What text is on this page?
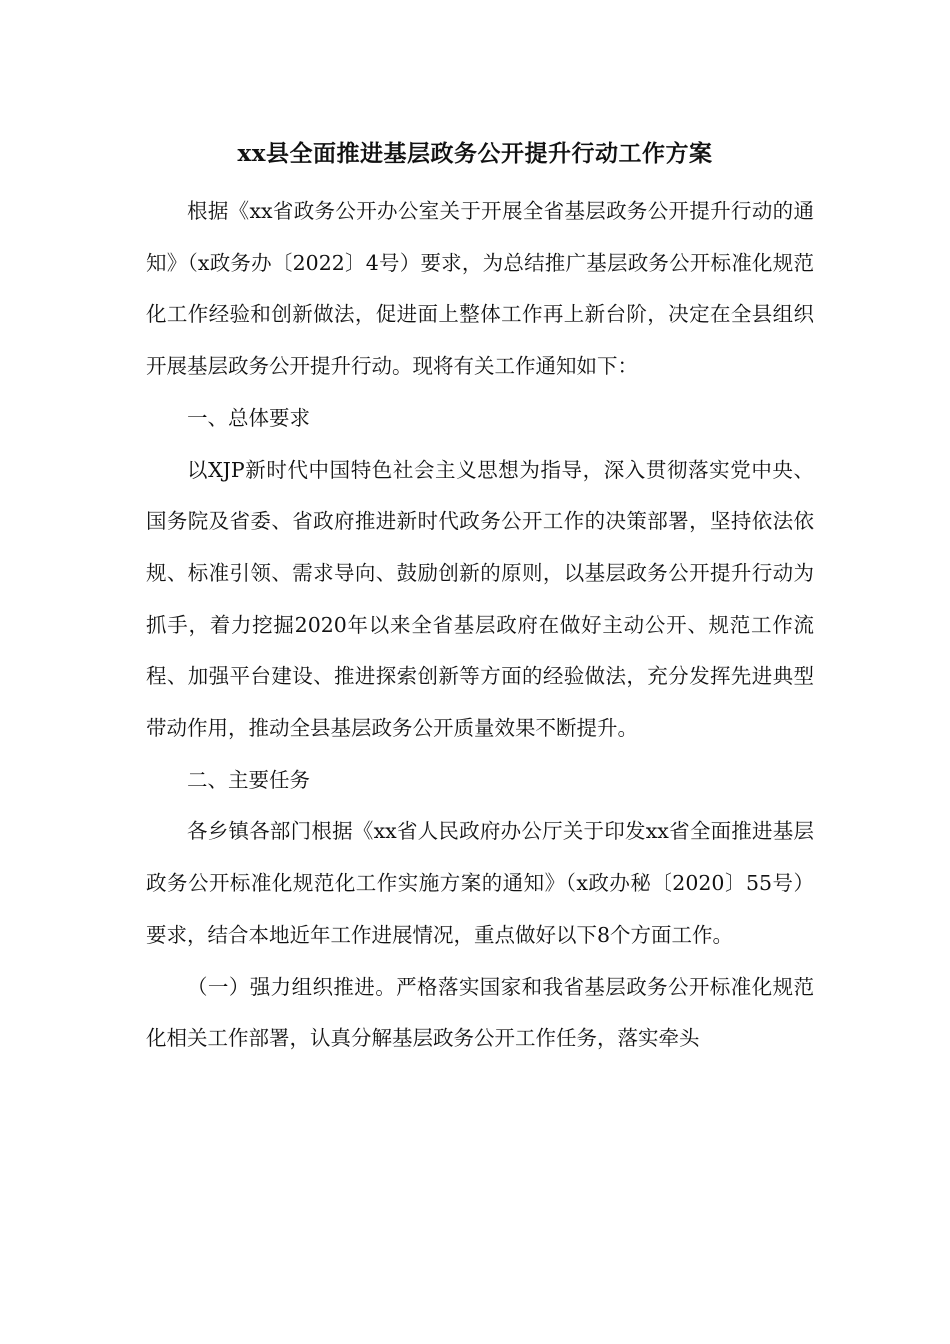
xx县全面推进基层政务公开提升行动工作方案

根据《xx省政务公开办公室关于开展全省基层政务公开提升行动的通知》（x政务办〔2022〕4号）要求，为总结推广基层政务公开标准化规范化工作经验和创新做法，促进面上整体工作再上新台阶，决定在全县组织开展基层政务公开提升行动。现将有关工作通知如下：

一、总体要求

以XJP新时代中国特色社会主义思想为指导，深入贯彻落实党中央、国务院及省委、省政府推进新时代政务公开工作的决策部署，坚持依法依规、标准引领、需求导向、鼓励创新的原则，以基层政务公开提升行动为抓手，着力挖掘2020年以来全省基层政府在做好主动公开、规范工作流程、加强平台建设、推进探索创新等方面的经验做法，充分发挥先进典型带动作用，推动全县基层政务公开质量效果不断提升。

二、主要任务

各乡镇各部门根据《xx省人民政府办公厅关于印发xx省全面推进基层政务公开标准化规范化工作实施方案的通知》（x政办秘〔2020〕55号）要求，结合本地近年工作进展情况，重点做好以下8个方面工作。

（一）强力组织推进。严格落实国家和我省基层政务公开标准化规范化相关工作部署，认真分解基层政务公开工作任务，落实牵头
